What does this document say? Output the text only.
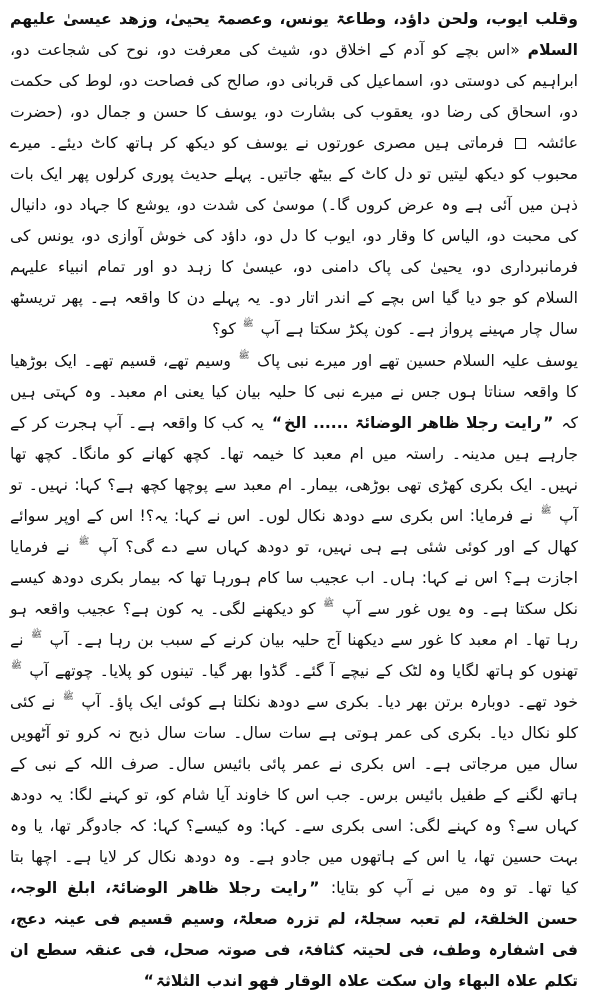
وقلب ایوب، ولحن داؤد، وطاعۃ یونس، وعصمۃ یحییٰ، وزھد عیسیٰ علیھم السلام «اس بچے کو آدم کے اخلاق دو، شیث کی معرفت دو، نوح کی شجاعت دو، ابراہیم کی دوستی دو، اسماعیل کی قربانی دو، صالح کی فصاحت دو، لوط کی حکمت دو، اسحاق کی رضا دو، یعقوب کی بشارت دو، یوسف کا حسن و جمال دو، (حضرت عائشہ  فرماتی ہیں مصری عورتوں نے یوسف کو دیکھ کر ہاتھ کاٹ دیئے۔ میرے محبوب کو دیکھ لیتیں تو دل کاٹ کے بیٹھ جاتیں۔ پہلے حدیث پوری کرلوں پھر ایک بات ذہن میں آئی ہے وہ عرض کروں گا۔) موسیٰ کی شدت دو، یوشع کا جہاد دو، دانیال کی محبت دو، الیاس کا وقار دو، ایوب کا دل دو، داؤد کی خوش آوازی دو، یونس کی فرمانبرداری دو، یحییٰ کی پاک دامنی دو، عیسیٰ کا زہد دو اور تمام انبیاء علیہم السلام کو جو دیا گیا اس بچے کے اندر اتار دو۔ یہ پہلے دن کا واقعہ ہے۔ پھر تریسٹھ سال چار مہینے پرواز ہے۔ کون پکڑ سکتا ہے آپ ﷺ کو؟

یوسف علیہ السلام حسین تھے اور میرے نبی پاک ﷺ وسیم تھے، قسیم تھے۔ ایک بوڑھیا کا واقعہ سناتا ہوں جس نے میرے نبی کا حلیہ بیان کیا یعنی ام معبد۔ وہ کہتی ہیں کہ ”رایت رجلا ظاھر الوضائۃ ...... الخ“ یہ کب کا واقعہ ہے۔ آپ ہجرت کر کے جارہے ہیں مدینہ۔ راستہ میں ام معبد کا خیمہ تھا۔ کچھ کھانے کو مانگا۔ کچھ تھا نہیں۔ ایک بکری کھڑی تھی بوڑھی، بیمار۔ ام معبد سے پوچھا کچھ ہے؟ کہا: نہیں۔ تو آپ ﷺ نے فرمایا: اس بکری سے دودھ نکال لوں۔ اس نے کہا: یہ؟! اس کے اوپر سوائے کھال کے اور کوئی شئی ہے ہی نہیں، تو دودھ کہاں سے دے گی؟ آپ ﷺ نے فرمایا اجازت ہے؟ اس نے کہا: ہاں۔ اب عجیب سا کام ہورہا تھا کہ بیمار بکری دودھ کیسے نکل سکتا ہے۔ وہ یوں غور سے آپ ﷺ کو دیکھنے لگی۔ یہ کون ہے؟ عجیب واقعہ ہو رہا تھا۔ ام معبد کا غور سے دیکھنا آج حلیہ بیان کرنے کے سبب بن رہا ہے۔ آپ ﷺ نے تھنوں کو ہاتھ لگایا وہ لٹک کے نیچے آ گئے۔ گڈوا بھر گیا۔ تینوں کو پلایا۔ چوتھے آپ ﷺ خود تھے۔ دوبارہ برتن بھر دیا۔ بکری سے دودھ نکلتا ہے کوئی ایک پاؤ۔ آپ ﷺ نے کئی کلو نکال دیا۔ بکری کی عمر ہوتی ہے سات سال۔ سات سال ذبح نہ کرو تو آٹھویں سال میں مرجاتی ہے۔ اس بکری نے عمر پائی بائیس سال۔ صرف اللہ کے نبی کے ہاتھ لگنے کے طفیل بائیس برس۔ جب اس کا خاوند آیا شام کو، تو کہنے لگا: یہ دودھ کہاں سے؟ وہ کہنے لگی: اسی بکری سے۔ کہا: وہ کیسے؟ کہا: کہ جادوگر تھا، یا وہ بہت حسین تھا، یا اس کے ہاتھوں میں جادو ہے۔ وہ دودھ نکال کر لایا ہے۔ اچھا بتا کیا تھا۔ تو وہ میں نے آپ کو بتایا: ”رایت رجلا ظاھر الوضائۃ، ابلغ الوجہ، حسن الخلقۃ، لم تعبہ سجلۃ، لم تزرہ صعلۃ، وسیم قسیم فی عینہ دعج، فی اشفارہ وطف، فی لحیتہ کثافۃ، فی صوتہ صحل، فی عنقہ سطع ان تکلم علاہ البھاء وان سکت علاہ الوقار فھو اندب الثلاثۃ“
